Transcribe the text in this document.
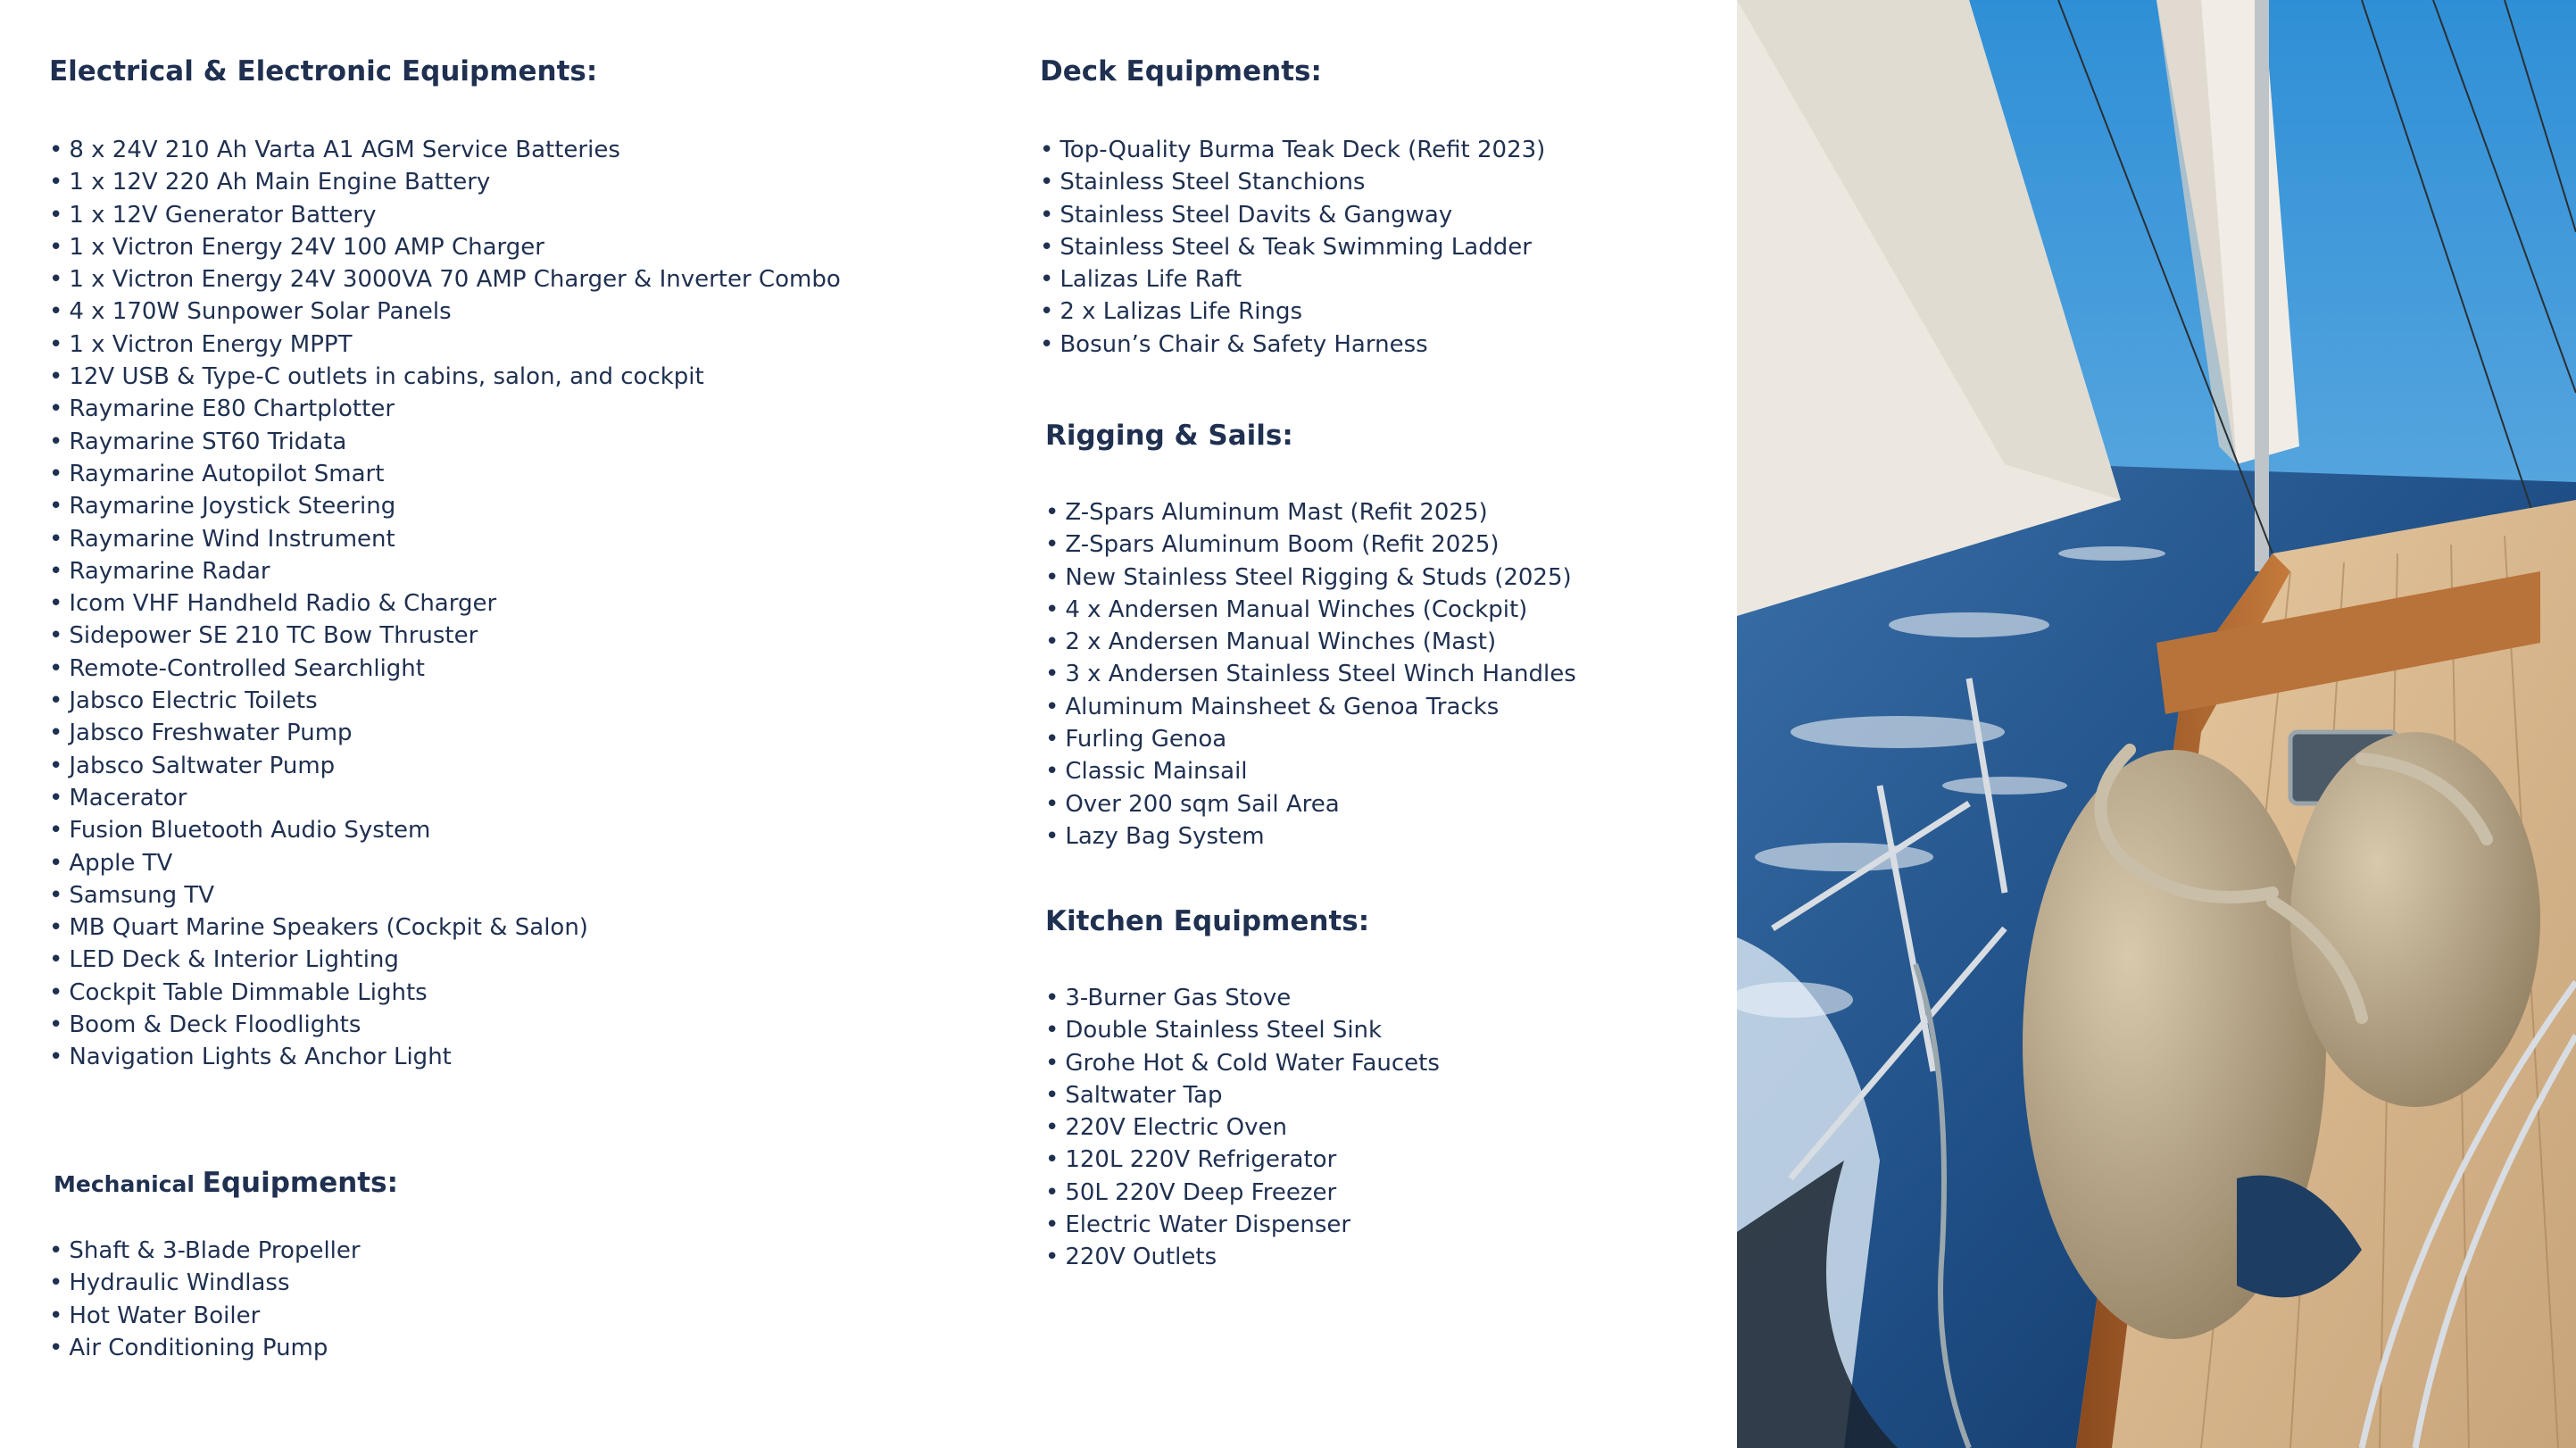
Electrical & Electronic Equipments:
• 8 x 24V 210 Ah Varta A1 AGM Service Batteries
• 1 x 12V 220 Ah Main Engine Battery
• 1 x 12V Generator Battery
• 1 x Victron Energy 24V 100 AMP Charger
• 1 x Victron Energy 24V 3000VA 70 AMP Charger & Inverter Combo
• 4 x 170W Sunpower Solar Panels
• 1 x Victron Energy MPPT
• 12V USB & Type-C outlets in cabins, salon, and cockpit
• Raymarine E80 Chartplotter
• Raymarine ST60 Tridata
• Raymarine Autopilot Smart
• Raymarine Joystick Steering
• Raymarine Wind Instrument
• Raymarine Radar
• Icom VHF Handheld Radio & Charger
• Sidepower SE 210 TC Bow Thruster
• Remote-Controlled Searchlight
• Jabsco Electric Toilets
• Jabsco Freshwater Pump
• Jabsco Saltwater Pump
• Macerator
• Fusion Bluetooth Audio System
• Apple TV
• Samsung TV
• MB Quart Marine Speakers (Cockpit & Salon)
• LED Deck & Interior Lighting
• Cockpit Table Dimmable Lights
• Boom & Deck Floodlights
• Navigation Lights & Anchor Light
Mechanical Equipments:
• Shaft & 3-Blade Propeller
• Hydraulic Windlass
• Hot Water Boiler
• Air Conditioning Pump
Deck Equipments:
• Top-Quality Burma Teak Deck (Refit 2023)
• Stainless Steel Stanchions
• Stainless Steel Davits & Gangway
• Stainless Steel & Teak Swimming Ladder
• Lalizas Life Raft
• 2 x Lalizas Life Rings
• Bosun’s Chair & Safety Harness
Rigging & Sails:
• Z-Spars Aluminum Mast (Refit 2025)
• Z-Spars Aluminum Boom (Refit 2025)
• New Stainless Steel Rigging & Studs (2025)
• 4 x Andersen Manual Winches (Cockpit)
• 2 x Andersen Manual Winches (Mast)
• 3 x Andersen Stainless Steel Winch Handles
• Aluminum Mainsheet & Genoa Tracks
• Furling Genoa
• Classic Mainsail
• Over 200 sqm Sail Area
• Lazy Bag System
Kitchen Equipments:
• 3-Burner Gas Stove
• Double Stainless Steel Sink
• Grohe Hot & Cold Water Faucets
• Saltwater Tap
• 220V Electric Oven
• 120L 220V Refrigerator
• 50L 220V Deep Freezer
• Electric Water Dispenser
• 220V Outlets
